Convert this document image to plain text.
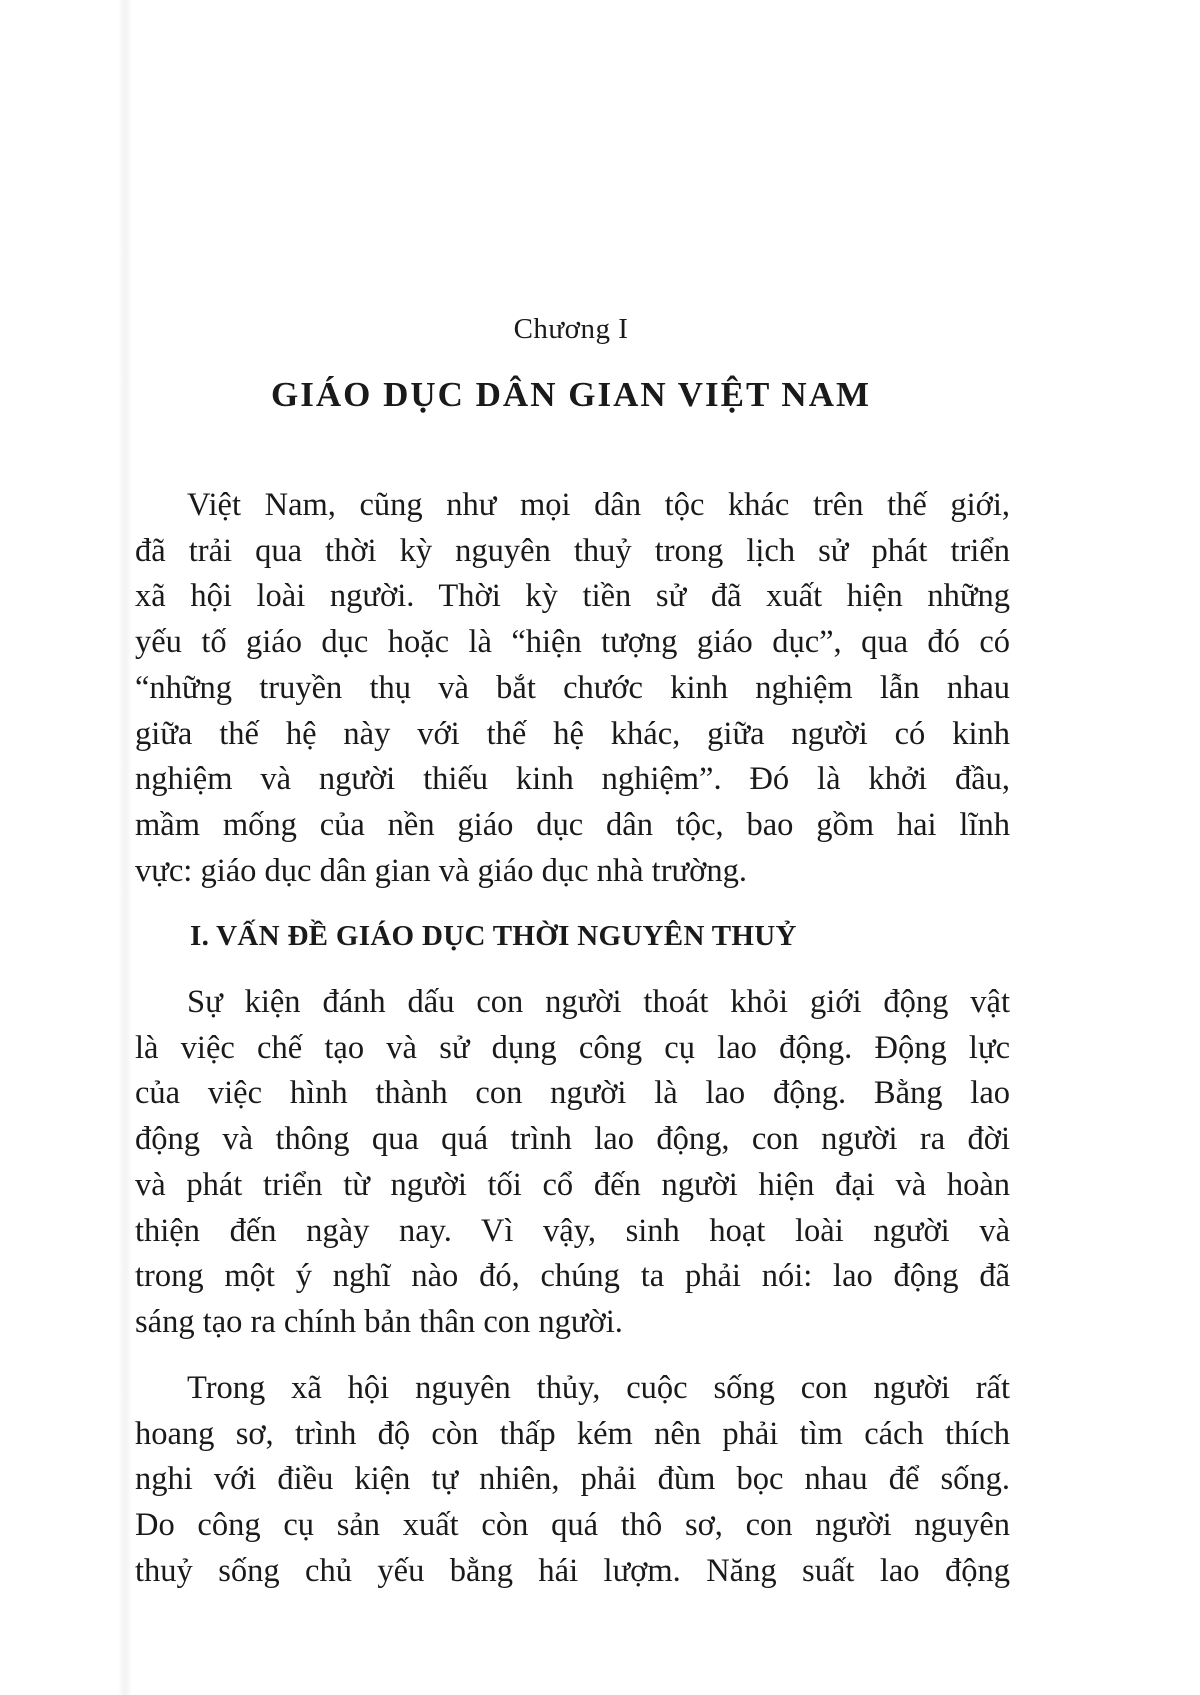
Chương I
GIÁO DỤC DÂN GIAN VIỆT NAM

Việt Nam, cũng như mọi dân tộc khác trên thế giới,
đã trải qua thời kỳ nguyên thuỷ trong lịch sử phát triển
xã hội loài người. Thời kỳ tiền sử đã xuất hiện những
yếu tố giáo dục hoặc là “hiện tượng giáo dục”, qua đó có
“những truyền thụ và bắt chước kinh nghiệm lẫn nhau
giữa thế hệ này với thế hệ khác, giữa người có kinh
nghiệm và người thiếu kinh nghiệm”. Đó là khởi đầu,
mầm mống của nền giáo dục dân tộc, bao gồm hai lĩnh
vực: giáo dục dân gian và giáo dục nhà trường.

I. VẤN ĐỀ GIÁO DỤC THỜI NGUYÊN THUỶ

Sự kiện đánh dấu con người thoát khỏi giới động vật
là việc chế tạo và sử dụng công cụ lao động. Động lực
của việc hình thành con người là lao động. Bằng lao
động và thông qua quá trình lao động, con người ra đời
và phát triển từ người tối cổ đến người hiện đại và hoàn
thiện đến ngày nay. Vì vậy, sinh hoạt loài người và
trong một ý nghĩ nào đó, chúng ta phải nói: lao động đã
sáng tạo ra chính bản thân con người.

Trong xã hội nguyên thủy, cuộc sống con người rất
hoang sơ, trình độ còn thấp kém nên phải tìm cách thích
nghi với điều kiện tự nhiên, phải đùm bọc nhau để sống.
Do công cụ sản xuất còn quá thô sơ, con người nguyên
thuỷ sống chủ yếu bằng hái lượm. Năng suất lao động
